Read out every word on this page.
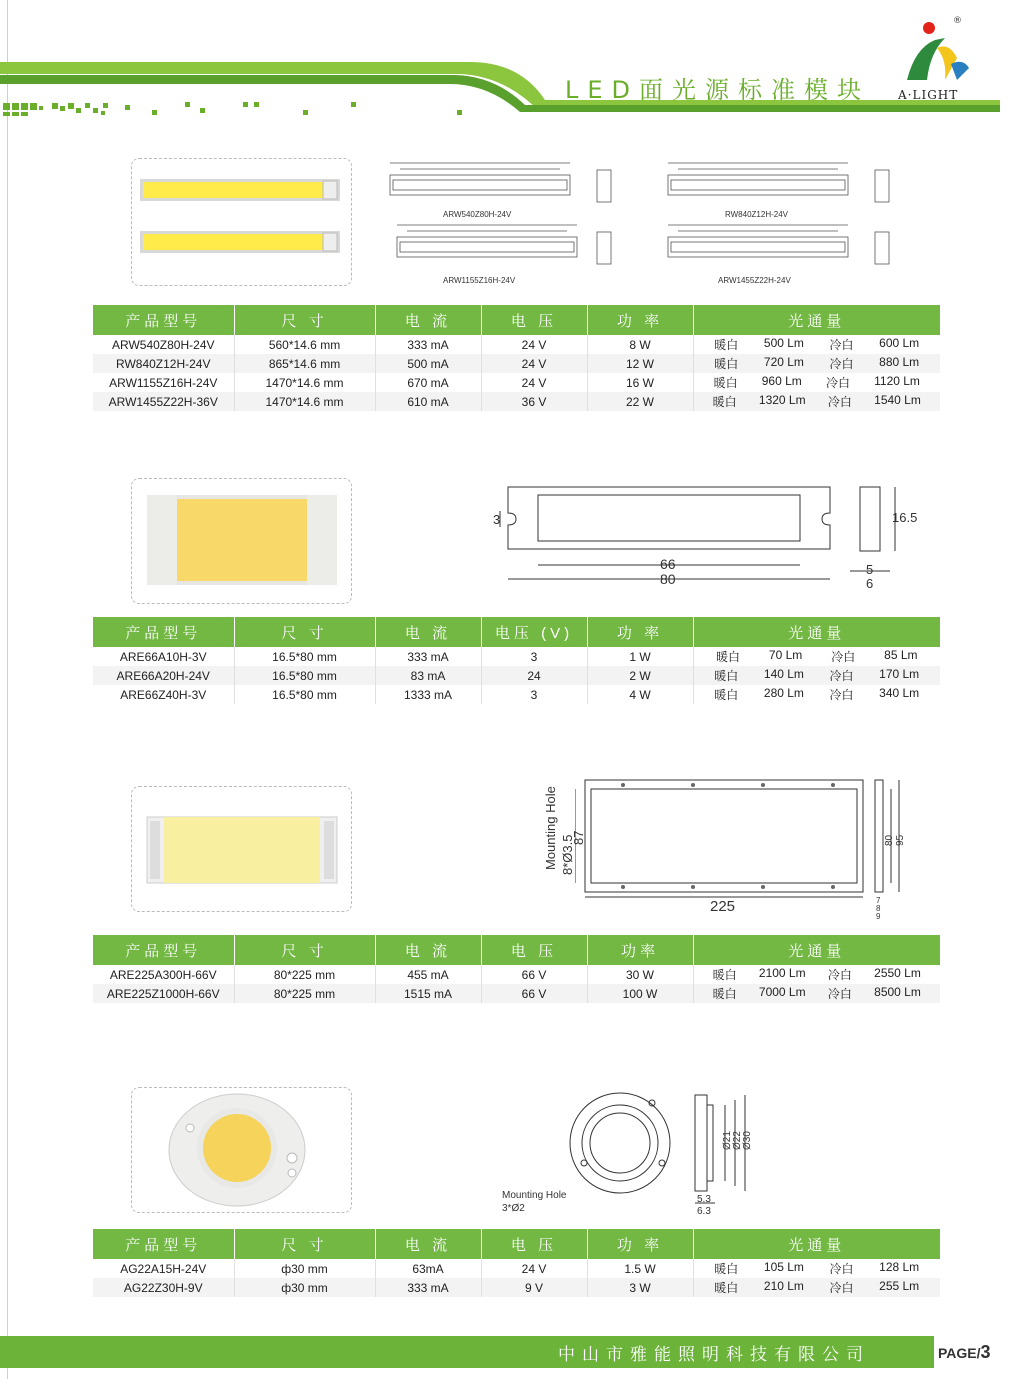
LED面光源标准模块
®
A·LIGHT
ARW540Z80H-24V	RW840Z12H-24V
ARW1155Z16H-24V	ARW1455Z22H-24V
产品型号	尺 寸	电 流	电 压	功 率	光通量
ARW540Z80H-24V	560*14.6 mm	333 mA	24 V	8 W	暖白 500 Lm 冷白 600 Lm

RW840Z12H-24V	865*14.6 mm	500 mA	24 V	12 W	暖白 720 Lm 冷白 880 Lm

ARW1155Z16H-24V	1470*14.6 mm	670 mA	24 V	16 W	暖白 960 Lm 冷白 1120 Lm

ARW1455Z22H-36V	1470*14.6 mm	610 mA	36 V	22 W	暖白 1320 Lm 冷白 1540 Lm
3
66
80
16.5
5
6
产品型号	尺 寸	电 流	电压 (V)	功 率	光通量
ARE66A10H-3V	16.5*80 mm	333 mA	3	1 W	暖白 70 Lm 冷白 85 Lm

ARE66A20H-24V	16.5*80 mm	83 mA	24	2 W	暖白 140 Lm 冷白 170 Lm

ARE66Z40H-3V	16.5*80 mm	1333 mA	3	4 W	暖白 280 Lm 冷白 340 Lm
Mounting Hole 8*Ø3.5
87
225
80 95
7
8
9
产品型号	尺 寸	电 流	电 压	功率	光通量
ARE225A300H-66V	80*225 mm	455 mA	66 V	30 W	暖白 2100 Lm 冷白 2550 Lm

ARE225Z1000H-66V	80*225 mm	1515 mA	66 V	100 W	暖白 7000 Lm 冷白 8500 Lm
Mounting Hole
3*Ø2
Ø21 Ø22 Ø30
5.3
6.3
产品型号	尺 寸	电 流	电 压	功 率	光通量
AG22A15H-24V	ф30 mm	63mA	24 V	1.5 W	暖白 105 Lm 冷白 128 Lm

AG22Z30H-9V	ф30 mm	333 mA	9 V	3 W	暖白 210 Lm 冷白 255 Lm
中山市雅能照明科技有限公司	PAGE/3
